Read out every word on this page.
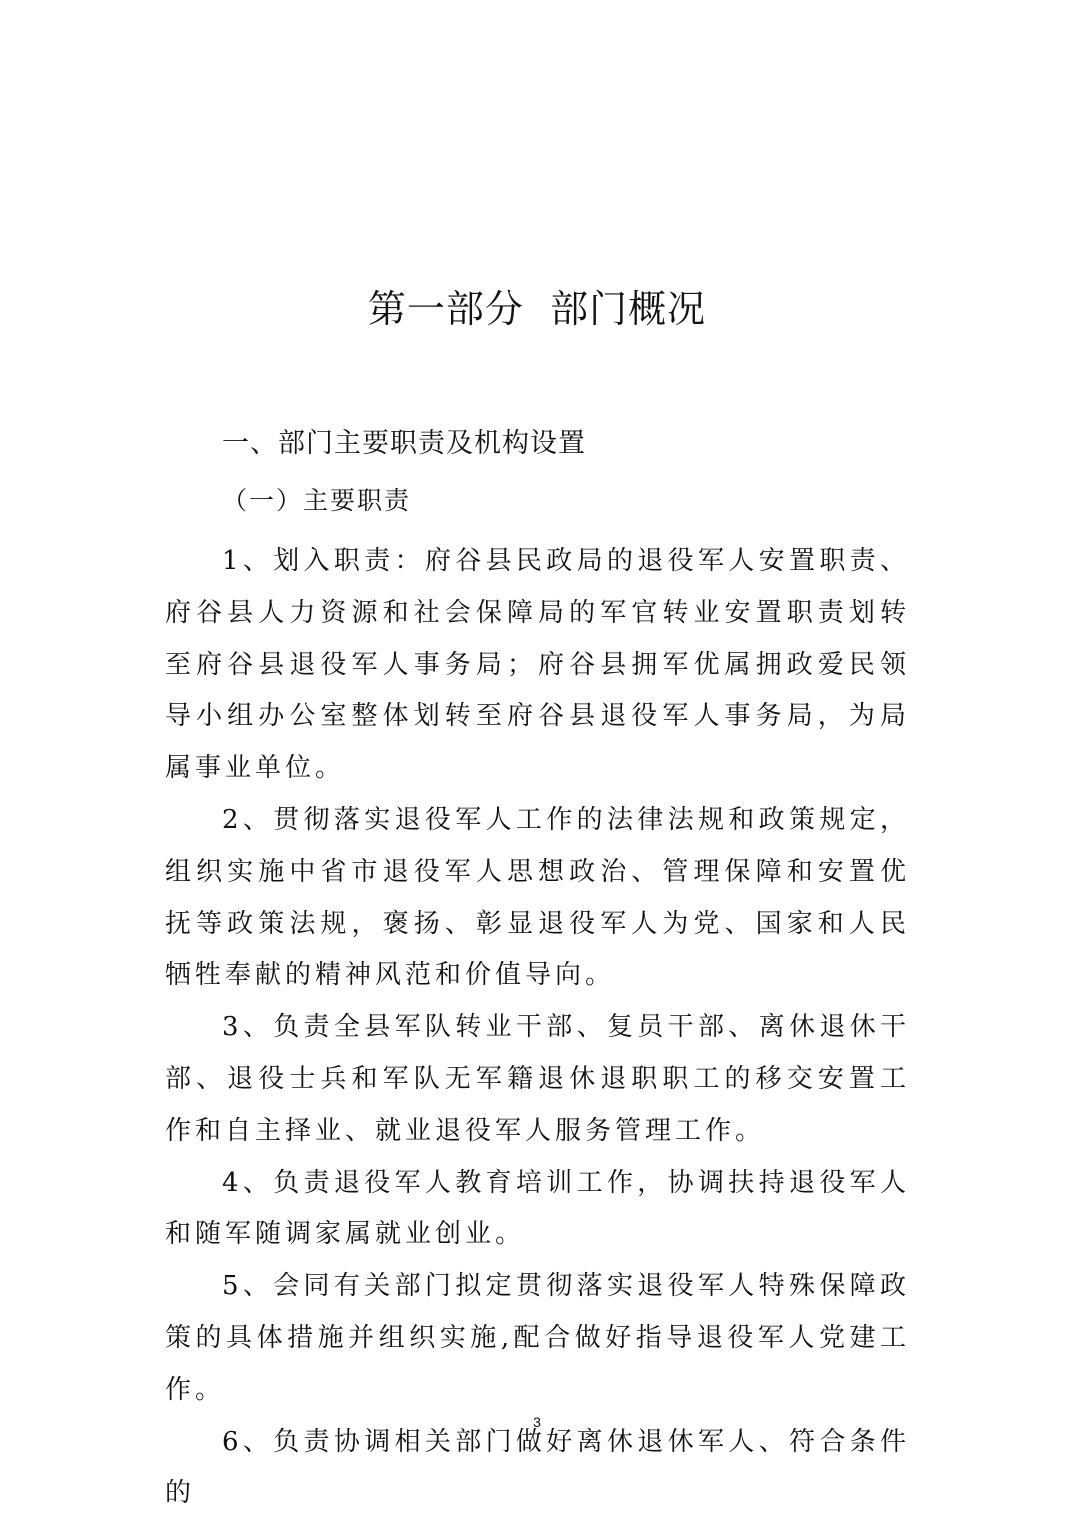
第一部分  部门概况
一、部门主要职责及机构设置
（一）主要职责

1、划入职责：府谷县民政局的退役军人安置职责、府谷县人力资源和社会保障局的军官转业安置职责划转至府谷县退役军人事务局；府谷县拥军优属拥政爱民领导小组办公室整体划转至府谷县退役军人事务局，为局属事业单位。

2、贯彻落实退役军人工作的法律法规和政策规定，组织实施中省市退役军人思想政治、管理保障和安置优抚等政策法规，褒扬、彰显退役军人为党、国家和人民牺牲奉献的精神风范和价值导向。

3、负责全县军队转业干部、复员干部、离休退休干部、退役士兵和军队无军籍退休退职职工的移交安置工作和自主择业、就业退役军人服务管理工作。

4、负责退役军人教育培训工作，协调扶持退役军人和随军随调家属就业创业。

5、会同有关部门拟定贯彻落实退役军人特殊保障政策的具体措施并组织实施,配合做好指导退役军人党建工作。

6、负责协调相关部门做好离休退休军人、符合条件的

3
